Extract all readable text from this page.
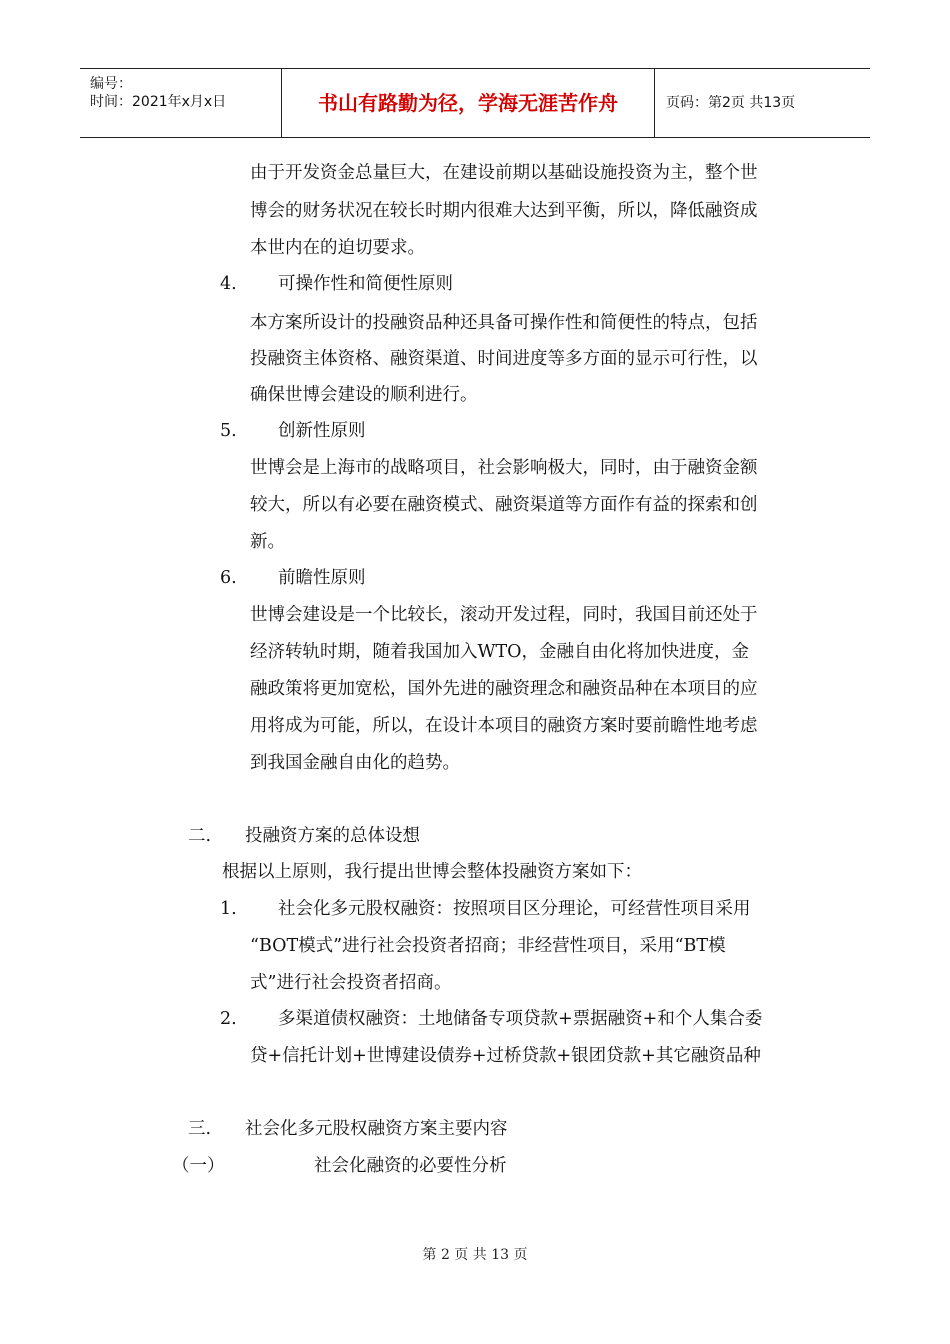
编号：
时间：2021年x月x日	书山有路勤为径，学海无涯苦作舟	页码：第2页 共13页
由于开发资金总量巨大，在建设前期以基础设施投资为主，整个世
博会的财务状况在较长时期内很难大达到平衡，所以，降低融资成
本世内在的迫切要求。
4. 可操作性和简便性原则
本方案所设计的投融资品种还具备可操作性和简便性的特点，包括
投融资主体资格、融资渠道、时间进度等多方面的显示可行性，以
确保世博会建设的顺利进行。
5. 创新性原则
世博会是上海市的战略项目，社会影响极大，同时，由于融资金额
较大，所以有必要在融资模式、融资渠道等方面作有益的探索和创
新。
6. 前瞻性原则
世博会建设是一个比较长，滚动开发过程，同时，我国目前还处于
经济转轨时期，随着我国加入WTO，金融自由化将加快进度，金
融政策将更加宽松，国外先进的融资理念和融资品种在本项目的应
用将成为可能，所以，在设计本项目的融资方案时要前瞻性地考虑
到我国金融自由化的趋势。
二. 投融资方案的总体设想
根据以上原则，我行提出世博会整体投融资方案如下：
1. 社会化多元股权融资：按照项目区分理论，可经营性项目采用
“BOT模式”进行社会投资者招商；非经营性项目，采用“BT模
式”进行社会投资者招商。
2. 多渠道债权融资：土地储备专项贷款+票据融资+和个人集合委
贷+信托计划+世博建设债券+过桥贷款+银团贷款+其它融资品种
三. 社会化多元股权融资方案主要内容
（一）	社会化融资的必要性分析
第 2 页 共 13 页
